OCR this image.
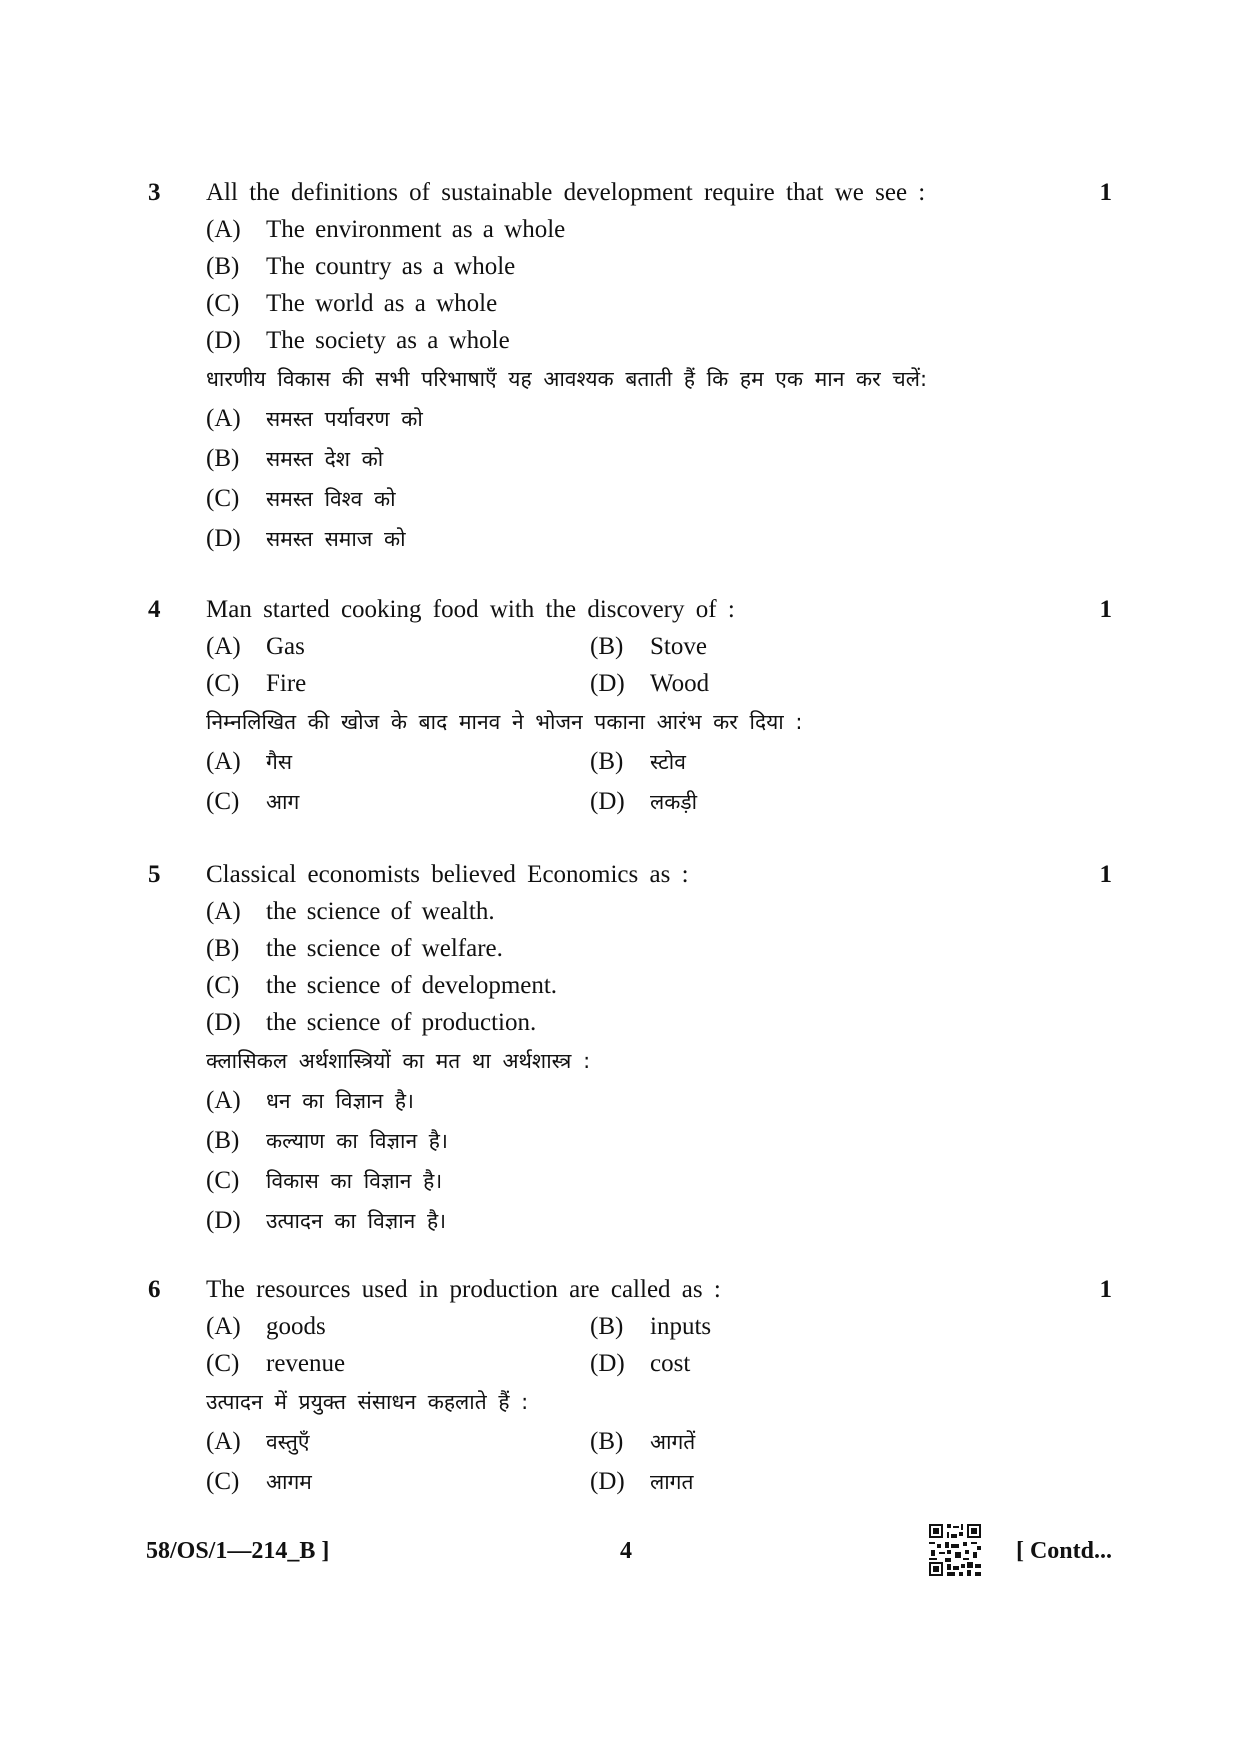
3 All the definitions of sustainable development require that we see :	1
(A) The environment as a whole
(B) The country as a whole
(C) The world as a whole
(D) The society as a whole
धारणीय विकास की सभी परिभाषाएँ यह आवश्यक बताती हैं कि हम एक मान कर चलें:
(A) समस्त पर्यावरण को
(B) समस्त देश को
(C) समस्त विश्व को
(D) समस्त समाज को
4 Man started cooking food with the discovery of :	1
(A) Gas	(B) Stove
(C) Fire	(D) Wood
निम्नलिखित की खोज के बाद मानव ने भोजन पकाना आरंभ कर दिया :
(A) गैस	(B) स्टोव
(C) आग	(D) लकड़ी
5 Classical economists believed Economics as :	1
(A) the science of wealth.
(B) the science of welfare.
(C) the science of development.
(D) the science of production.
क्लासिकल अर्थशास्त्रियों का मत था अर्थशास्त्र :
(A) धन का विज्ञान है।
(B) कल्याण का विज्ञान है।
(C) विकास का विज्ञान है।
(D) उत्पादन का विज्ञान है।
6 The resources used in production are called as :	1
(A) goods	(B) inputs
(C) revenue	(D) cost
उत्पादन में प्रयुक्त संसाधन कहलाते हैं :
(A) वस्तुएँ	(B) आगतें
(C) आगम	(D) लागत
58/OS/1—214_B ]	4	[ Contd...
